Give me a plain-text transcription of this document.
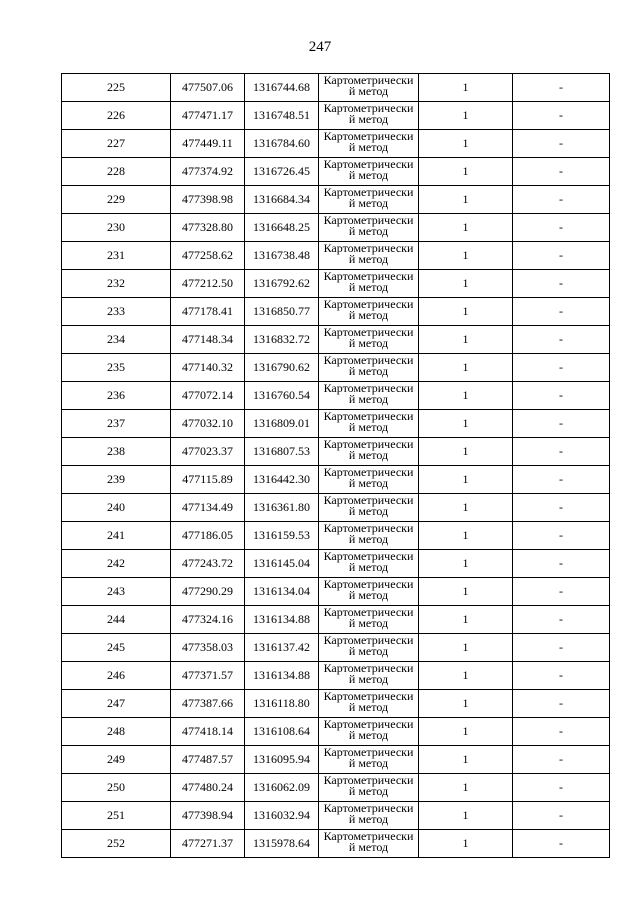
247
225	477507.06	1316744.68	Картометрически й метод	1	-
226	477471.17	1316748.51	Картометрически й метод	1	-
227	477449.11	1316784.60	Картометрически й метод	1	-
228	477374.92	1316726.45	Картометрически й метод	1	-
229	477398.98	1316684.34	Картометрически й метод	1	-
230	477328.80	1316648.25	Картометрически й метод	1	-
231	477258.62	1316738.48	Картометрически й метод	1	-
232	477212.50	1316792.62	Картометрически й метод	1	-
233	477178.41	1316850.77	Картометрически й метод	1	-
234	477148.34	1316832.72	Картометрически й метод	1	-
235	477140.32	1316790.62	Картометрически й метод	1	-
236	477072.14	1316760.54	Картометрически й метод	1	-
237	477032.10	1316809.01	Картометрически й метод	1	-
238	477023.37	1316807.53	Картометрически й метод	1	-
239	477115.89	1316442.30	Картометрически й метод	1	-
240	477134.49	1316361.80	Картометрически й метод	1	-
241	477186.05	1316159.53	Картометрически й метод	1	-
242	477243.72	1316145.04	Картометрически й метод	1	-
243	477290.29	1316134.04	Картометрически й метод	1	-
244	477324.16	1316134.88	Картометрически й метод	1	-
245	477358.03	1316137.42	Картометрически й метод	1	-
246	477371.57	1316134.88	Картометрически й метод	1	-
247	477387.66	1316118.80	Картометрически й метод	1	-
248	477418.14	1316108.64	Картометрически й метод	1	-
249	477487.57	1316095.94	Картометрически й метод	1	-
250	477480.24	1316062.09	Картометрически й метод	1	-
251	477398.94	1316032.94	Картометрически й метод	1	-
252	477271.37	1315978.64	Картометрически й метод	1	-
